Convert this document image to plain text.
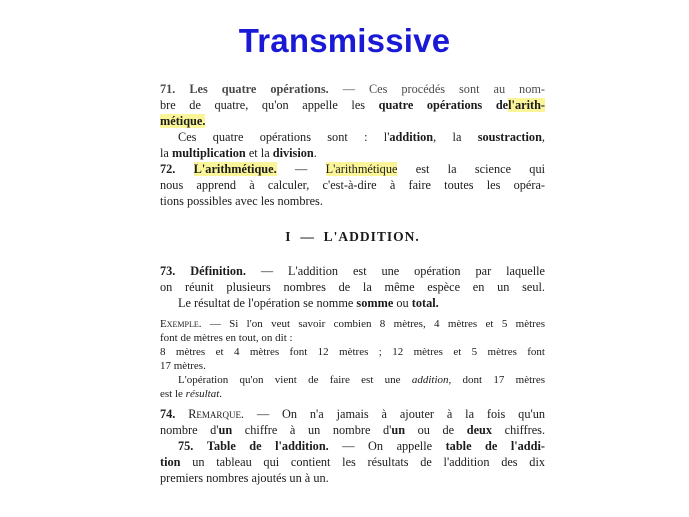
Transmissive
71. Les quatre opérations. — Ces procédés sont au nom-
bre de quatre, qu'on appelle les quatre opérations del'arith-
métique.
Ces quatre opérations sont : l'addition, la soustraction,
la multiplication et la division.
72. L'arithmétique. — L'arithmétique est la science qui
nous apprend à calculer, c'est-à-dire à faire toutes les opéra-
tions possibles avec les nombres.
I — L'ADDITION.
73. Définition. — L'addition est une opération par laquelle
on réunit plusieurs nombres de la même espèce en un seul.
Le résultat de l'opération se nomme somme ou total.
Exemple. — Si l'on veut savoir combien 8 mètres, 4 mètres et 5 mètres
font de mètres en tout, on dit :
8 mètres et 4 mètres font 12 mètres ; 12 mètres et 5 mètres font
17 mètres.
L'opération qu'on vient de faire est une addition, dont 17 mètres
est le résultat.
74. Remarque. — On n'a jamais à ajouter à la fois qu'un
nombre d'un chiffre à un nombre d'un ou de deux chiffres.
75. Table de l'addition. — On appelle table de l'addi-
tion un tableau qui contient les résultats de l'addition des dix
premiers nombres ajoutés un à un.
